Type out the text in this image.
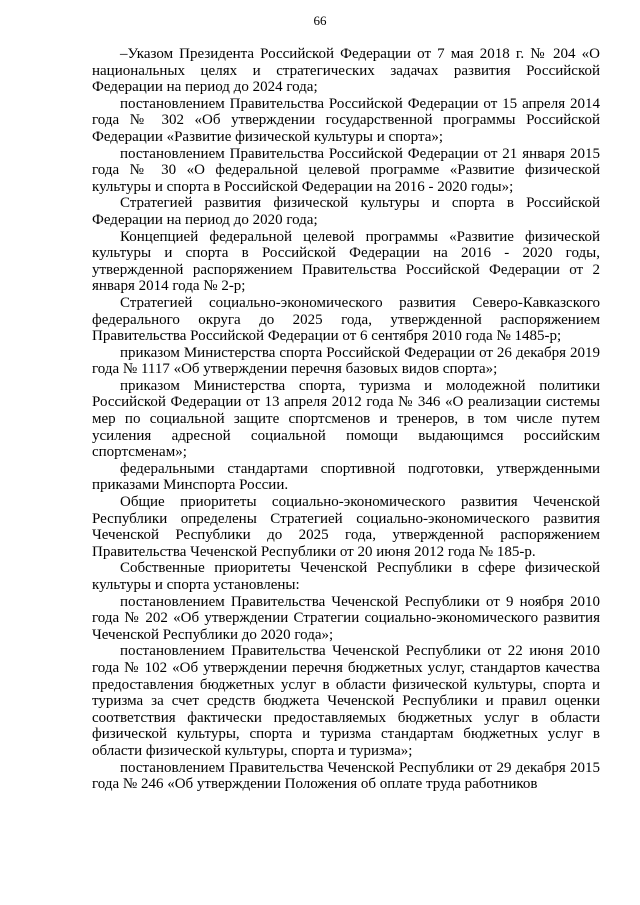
66

–Указом Президента Российской Федерации от 7 мая 2018 г. № 204 «О национальных целях и стратегических задачах развития Российской Федерации на период до 2024 года;

постановлением Правительства Российской Федерации от 15 апреля 2014 года № 302 «Об утверждении государственной программы Российской Федерации «Развитие физической культуры и спорта»;

постановлением Правительства Российской Федерации от 21 января 2015 года № 30 «О федеральной целевой программе «Развитие физической культуры и спорта в Российской Федерации на 2016 - 2020 годы»;

Стратегией развития физической культуры и спорта в Российской Федерации на период до 2020 года;

Концепцией федеральной целевой программы «Развитие физической культуры и спорта в Российской Федерации на 2016 - 2020 годы, утвержденной распоряжением Правительства Российской Федерации от 2 января 2014 года № 2-р;

Стратегией социально-экономического развития Северо-Кавказского федерального округа до 2025 года, утвержденной распоряжением Правительства Российской Федерации от 6 сентября 2010 года № 1485-р;

приказом Министерства спорта Российской Федерации от 26 декабря 2019 года № 1117 «Об утверждении перечня базовых видов спорта»;

приказом Министерства спорта, туризма и молодежной политики Российской Федерации от 13 апреля 2012 года № 346 «О реализации системы мер по социальной защите спортсменов и тренеров, в том числе путем усиления адресной социальной помощи выдающимся российским спортсменам»;

федеральными стандартами спортивной подготовки, утвержденными приказами Минспорта России.

Общие приоритеты социально-экономического развития Чеченской Республики определены Стратегией социально-экономического развития Чеченской Республики до 2025 года, утвержденной распоряжением Правительства Чеченской Республики от 20 июня 2012 года № 185-р.

Собственные приоритеты Чеченской Республики в сфере физической культуры и спорта установлены:

постановлением Правительства Чеченской Республики от 9 ноября 2010 года № 202 «Об утверждении Стратегии социально-экономического развития Чеченской Республики до 2020 года»;

постановлением Правительства Чеченской Республики от 22 июня 2010 года № 102 «Об утверждении перечня бюджетных услуг, стандартов качества предоставления бюджетных услуг в области физической культуры, спорта и туризма за счет средств бюджета Чеченской Республики и правил оценки соответствия фактически предоставляемых бюджетных услуг в области физической культуры, спорта и туризма стандартам бюджетных услуг в области физической культуры, спорта и туризма»;

постановлением Правительства Чеченской Республики от 29 декабря 2015 года № 246 «Об утверждении Положения об оплате труда работников
